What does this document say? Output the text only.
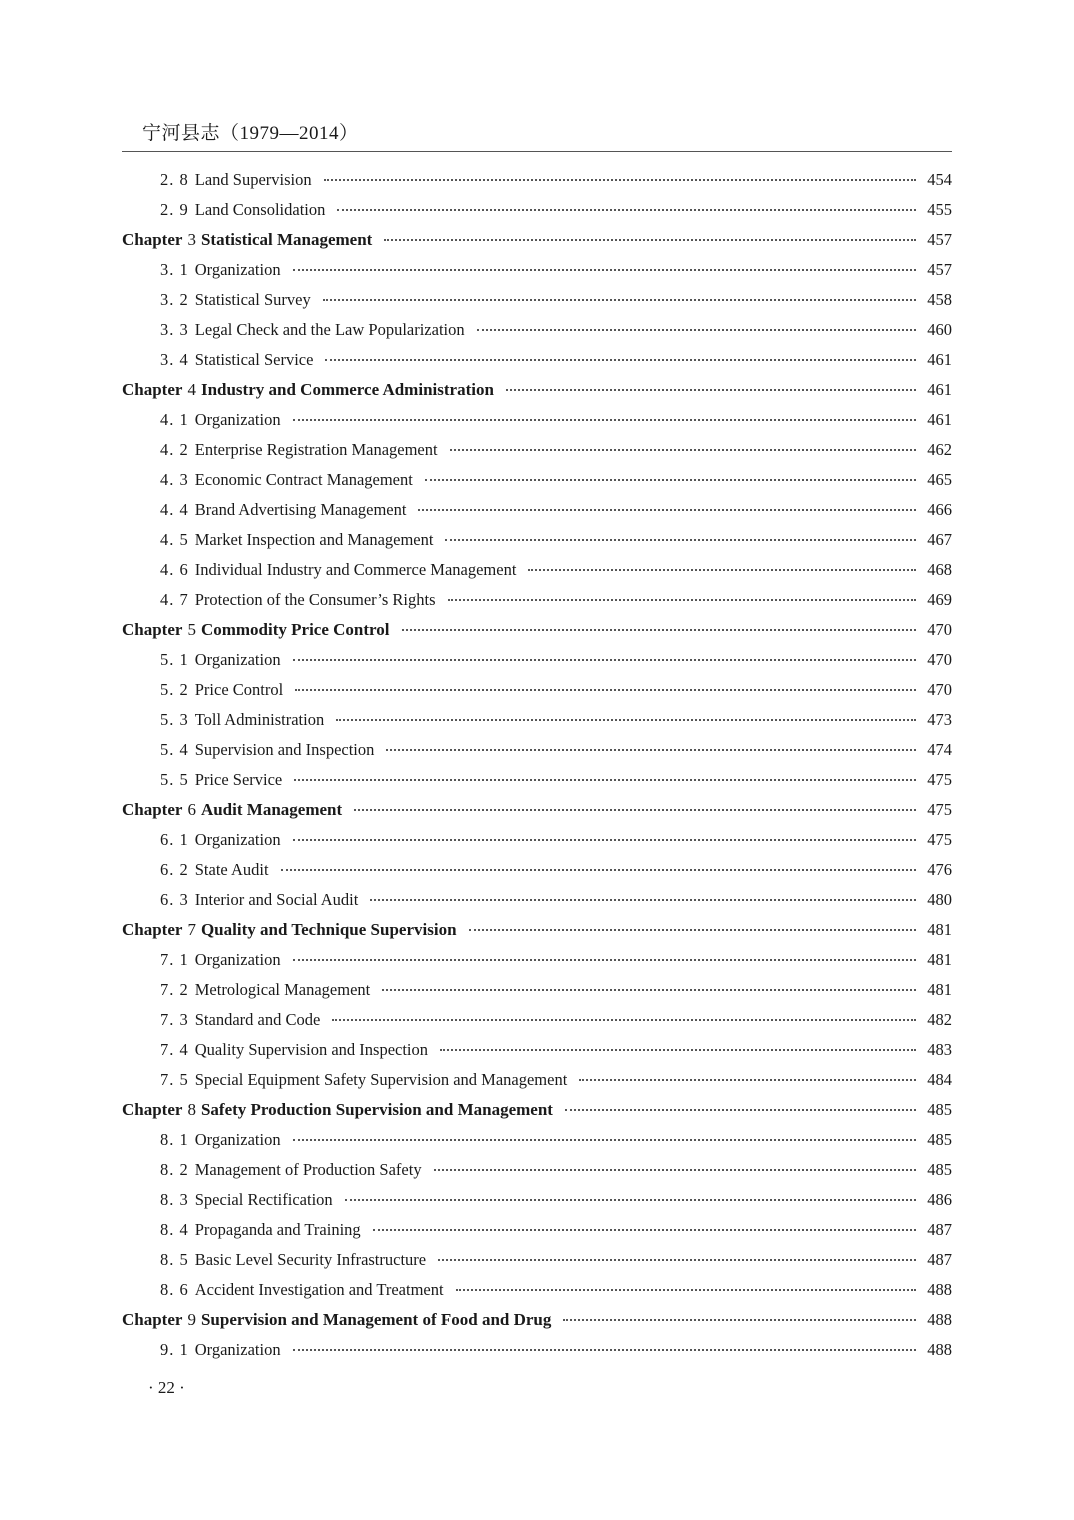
宁河县志（1979—2014）
2. 8 Land Supervision	454
2. 9 Land Consolidation	455
Chapter 3 Statistical Management	457
3. 1 Organization	457
3. 2 Statistical Survey	458
3. 3 Legal Check and the Law Popularization	460
3. 4 Statistical Service	461
Chapter 4 Industry and Commerce Administration	461
4. 1 Organization	461
4. 2 Enterprise Registration Management	462
4. 3 Economic Contract Management	465
4. 4 Brand Advertising Management	466
4. 5 Market Inspection and Management	467
4. 6 Individual Industry and Commerce Management	468
4. 7 Protection of the Consumer’s Rights	469
Chapter 5 Commodity Price Control	470
5. 1 Organization	470
5. 2 Price Control	470
5. 3 Toll Administration	473
5. 4 Supervision and Inspection	474
5. 5 Price Service	475
Chapter 6 Audit Management	475
6. 1 Organization	475
6. 2 State Audit	476
6. 3 Interior and Social Audit	480
Chapter 7 Quality and Technique Supervision	481
7. 1 Organization	481
7. 2 Metrological Management	481
7. 3 Standard and Code	482
7. 4 Quality Supervision and Inspection	483
7. 5 Special Equipment Safety Supervision and Management	484
Chapter 8 Safety Production Supervision and Management	485
8. 1 Organization	485
8. 2 Management of Production Safety	485
8. 3 Special Rectification	486
8. 4 Propaganda and Training	487
8. 5 Basic Level Security Infrastructure	487
8. 6 Accident Investigation and Treatment	488
Chapter 9 Supervision and Management of Food and Drug	488
9. 1 Organization	488
· 22 ·
